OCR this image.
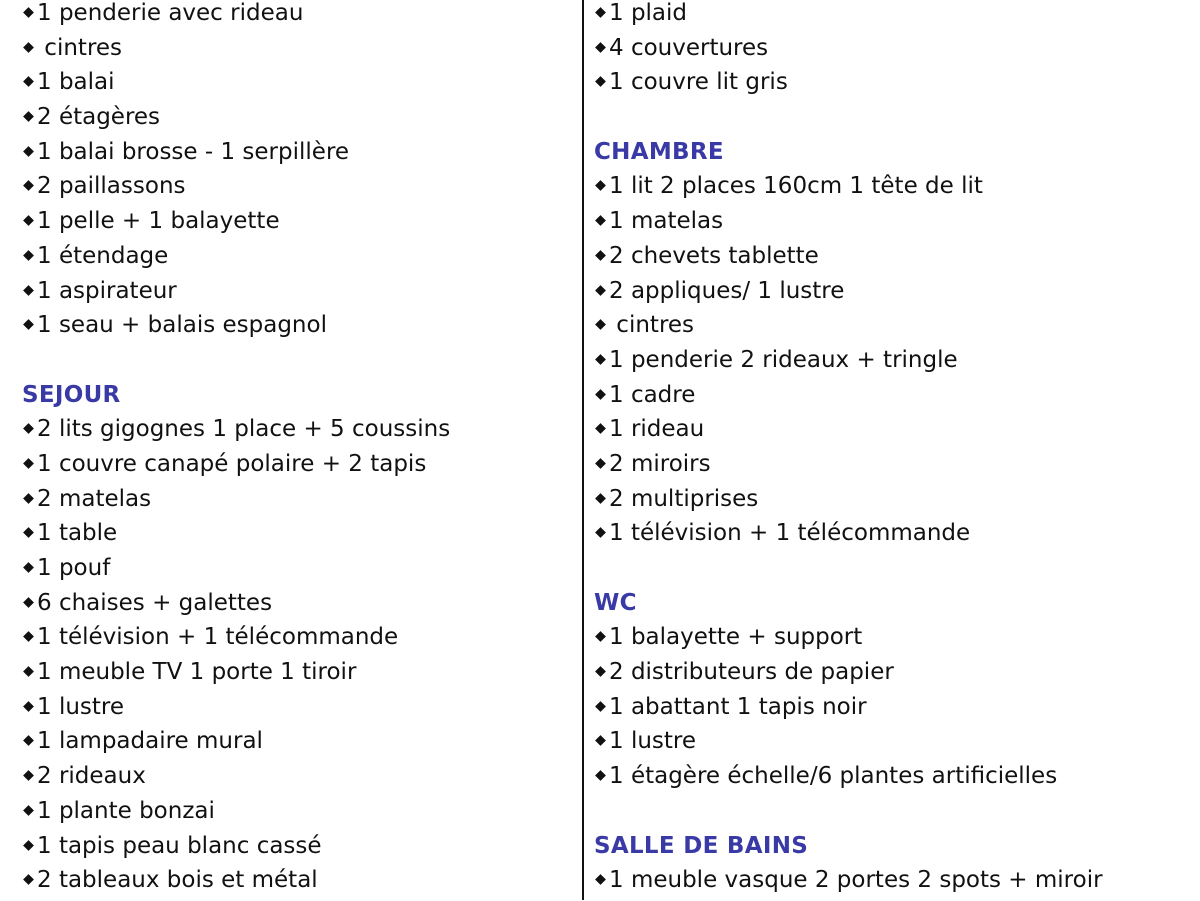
1 penderie avec rideau
cintres
1 balai
2 étagères
1 balai brosse - 1 serpillère
2 paillassons
1 pelle + 1 balayette
1 étendage
1 aspirateur
1 seau + balais espagnol
SEJOUR
2 lits gigognes 1 place + 5 coussins
1 couvre canapé polaire + 2 tapis
2 matelas
1 table
1 pouf
6 chaises + galettes
1 télévision + 1 télécommande
1 meuble TV 1 porte 1 tiroir
1 lustre
1 lampadaire mural
2 rideaux
1 plante bonzai
1 tapis peau blanc cassé
2 tableaux bois et métal
1 plaid
4 couvertures
1 couvre lit gris
CHAMBRE
1 lit 2 places 160cm 1 tête de lit
1 matelas
2 chevets tablette
2 appliques/ 1 lustre
cintres
1 penderie 2 rideaux + tringle
1 cadre
1 rideau
2 miroirs
2 multiprises
1 télévision + 1 télécommande
WC
1 balayette + support
2 distributeurs de papier
1 abattant 1 tapis noir
1 lustre
1 étagère échelle/6 plantes artificielles
SALLE DE BAINS
1 meuble vasque 2 portes 2 spots + miroir
